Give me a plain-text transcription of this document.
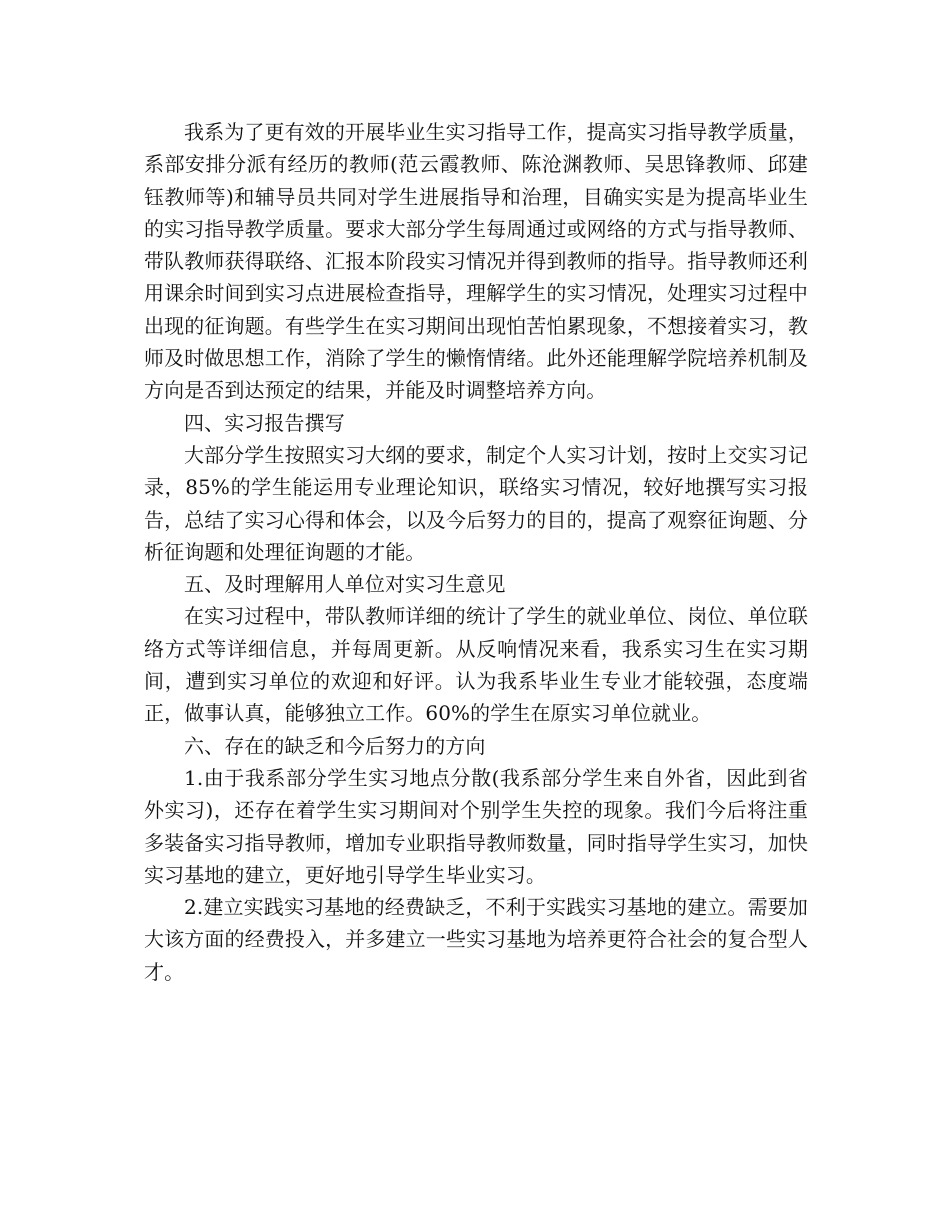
我系为了更有效的开展毕业生实习指导工作，提高实习指导教学质量，系部安排分派有经历的教师(范云霞教师、陈沧渊教师、吴思锋教师、邱建钰教师等)和辅导员共同对学生进展指导和治理，目确实实是为提高毕业生的实习指导教学质量。要求大部分学生每周通过或网络的方式与指导教师、带队教师获得联络、汇报本阶段实习情况并得到教师的指导。指导教师还利用课余时间到实习点进展检查指导，理解学生的实习情况，处理实习过程中出现的征询题。有些学生在实习期间出现怕苦怕累现象，不想接着实习，教师及时做思想工作，消除了学生的懒惰情绪。此外还能理解学院培养机制及方向是否到达预定的结果，并能及时调整培养方向。

四、实习报告撰写

大部分学生按照实习大纲的要求，制定个人实习计划，按时上交实习记录，85%的学生能运用专业理论知识，联络实习情况，较好地撰写实习报告，总结了实习心得和体会，以及今后努力的目的，提高了观察征询题、分析征询题和处理征询题的才能。

五、及时理解用人单位对实习生意见

在实习过程中，带队教师详细的统计了学生的就业单位、岗位、单位联络方式等详细信息，并每周更新。从反响情况来看，我系实习生在实习期间，遭到实习单位的欢迎和好评。认为我系毕业生专业才能较强，态度端正，做事认真，能够独立工作。60%的学生在原实习单位就业。

六、存在的缺乏和今后努力的方向

1.由于我系部分学生实习地点分散(我系部分学生来自外省，因此到省外实习)，还存在着学生实习期间对个别学生失控的现象。我们今后将注重多装备实习指导教师，增加专业职指导教师数量，同时指导学生实习，加快实习基地的建立，更好地引导学生毕业实习。

2.建立实践实习基地的经费缺乏，不利于实践实习基地的建立。需要加大该方面的经费投入，并多建立一些实习基地为培养更符合社会的复合型人才。
